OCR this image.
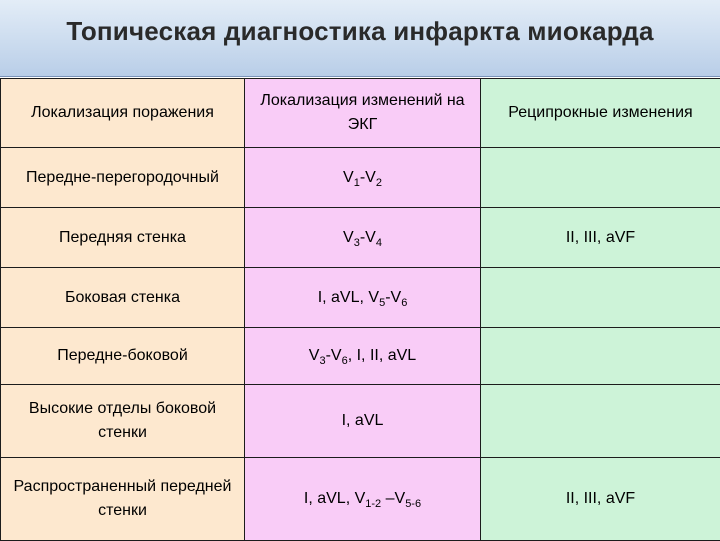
Топическая диагностика инфаркта миокарда
Локализация поражения	Локализация изменений на ЭКГ	Реципрокные изменения
Передне-перегородочный	$V_1-V_2$	
Передняя стенка	$V_3-V_4$	II, III, aVF
Боковая стенка	I, aVL, $V_5-V_6$	
Передне-боковой	$V_3-V_6$, I, II, aVL	
Высокие отделы боковой стенки	I, aVL	
Распространенный передней стенки	I, aVL, $V_{1-2}$ $-V_{5-6}$	II, III, aVF
